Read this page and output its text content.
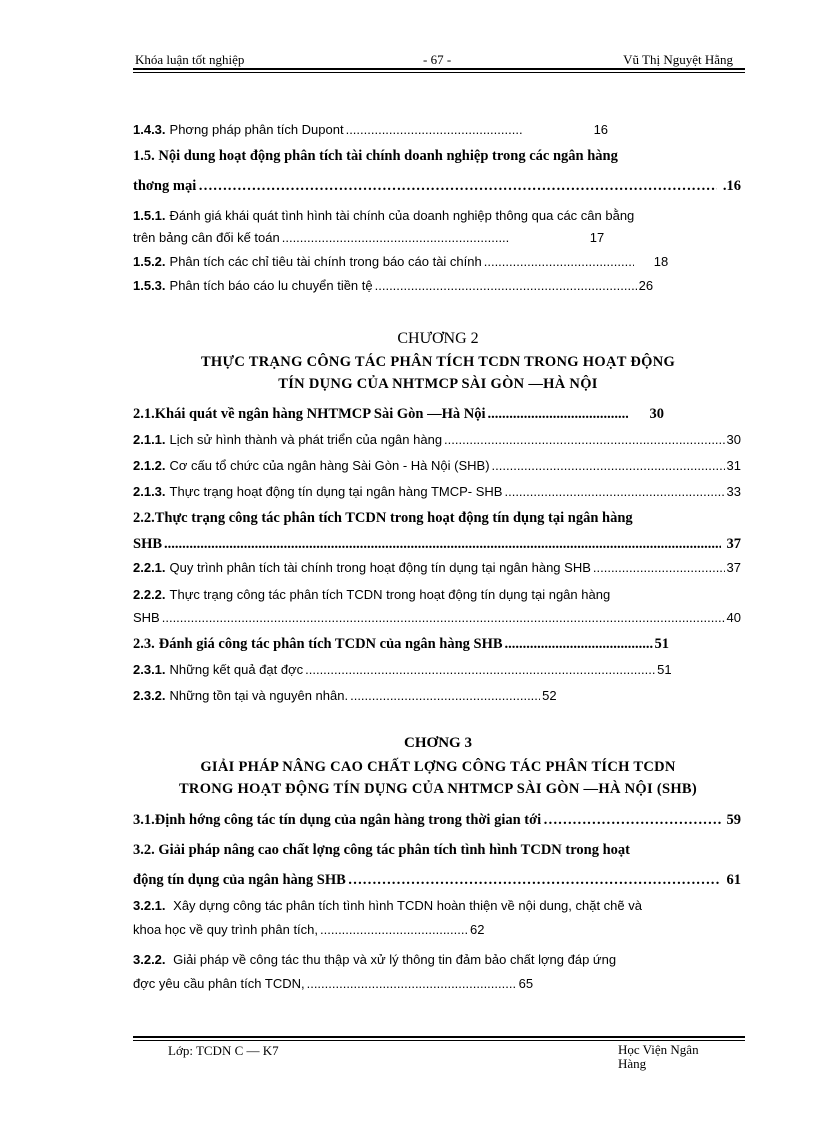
Khóa luận tốt nghiệp	- 67 -	Vũ Thị Nguyệt Hằng
1.4.3. Phơng pháp phân tích Dupont .....	16
1.5. Nội dung hoạt động phân tích tài chính doanh nghiệp trong các ngân hàng
thơng mại ………………………………………………………………………………………………………………………………………………………………………………………	.16
1.5.1. Đánh giá khái quát tình hình tài chính của doanh nghiệp thông qua các cân bằng
trên bảng cân đối kế toán .....	17
1.5.2. Phân tích các chỉ tiêu tài chính trong báo cáo tài chính .....	18
1.5.3. Phân tích báo cáo lu chuyển tiền tệ .....	26
CHƯƠNG 2
THỰC TRẠNG CÔNG TÁC PHÂN TÍCH TCDN TRONG HOẠT ĐỘNG
TÍN DỤNG CỦA NHTMCP SÀI GÒN —HÀ NỘI
2.1. Khái quát về ngân hàng NHTMCP Sài Gòn —Hà Nội .....	30
2.1.1. Lịch sử hình thành và phát triển của ngân hàng .....	30
2.1.2. Cơ cấu tổ chức của ngân hàng Sài Gòn - Hà Nội (SHB) .....	31
2.1.3. Thực trạng hoạt động tín dụng tại ngân hàng TMCP- SHB .....	33
2.2.Thực trạng công tác phân tích TCDN trong hoạt động tín dụng tại ngân hàng
SHB .....	37
2.2.1. Quy trình phân tích tài chính trong hoạt động tín dụng tại ngân hàng SHB .....	37
2.2.2. Thực trạng công tác phân tích TCDN trong hoạt động tín dụng tại ngân hàng
SHB .....	40
2.3. Đánh giá công tác phân tích TCDN của ngân hàng SHB .....	51
2.3.1. Những kết quả đạt đợc .....	51
2.3.2. Những tồn tại và nguyên nhân. .....	52
CHƠNG 3
GIẢI PHÁP NÂNG CAO CHẤT LỢNG CÔNG TÁC PHÂN TÍCH TCDN
TRONG HOẠT ĐỘNG TÍN DỤNG CỦA NHTMCP SÀI GÒN —HÀ NỘI (SHB)
3.1. Định hớng công tác tín dụng của ngân hàng trong thời gian tới ………………………………………………………………………………………………………………………………………………………………………………………	59
3.2. Giải pháp nâng cao chất lợng công tác phân tích tình hình TCDN trong hoạt
động tín dụng của ngân hàng SHB ………………………………………………………………………………………………………………………………………………………………………………………	61
3.2.1. Xây dựng công tác phân tích tình hình TCDN hoàn thiện về nội dung, chặt chẽ và
khoa học về quy trình phân tích, .....	62
3.2.2. Giải pháp về công tác thu thập và xử lý thông tin đảm bảo chất lợng đáp ứng
đợc yêu cầu phân tích TCDN, .....	65
Lớp: TCDN C — K7	Học Viện Ngân Hàng
